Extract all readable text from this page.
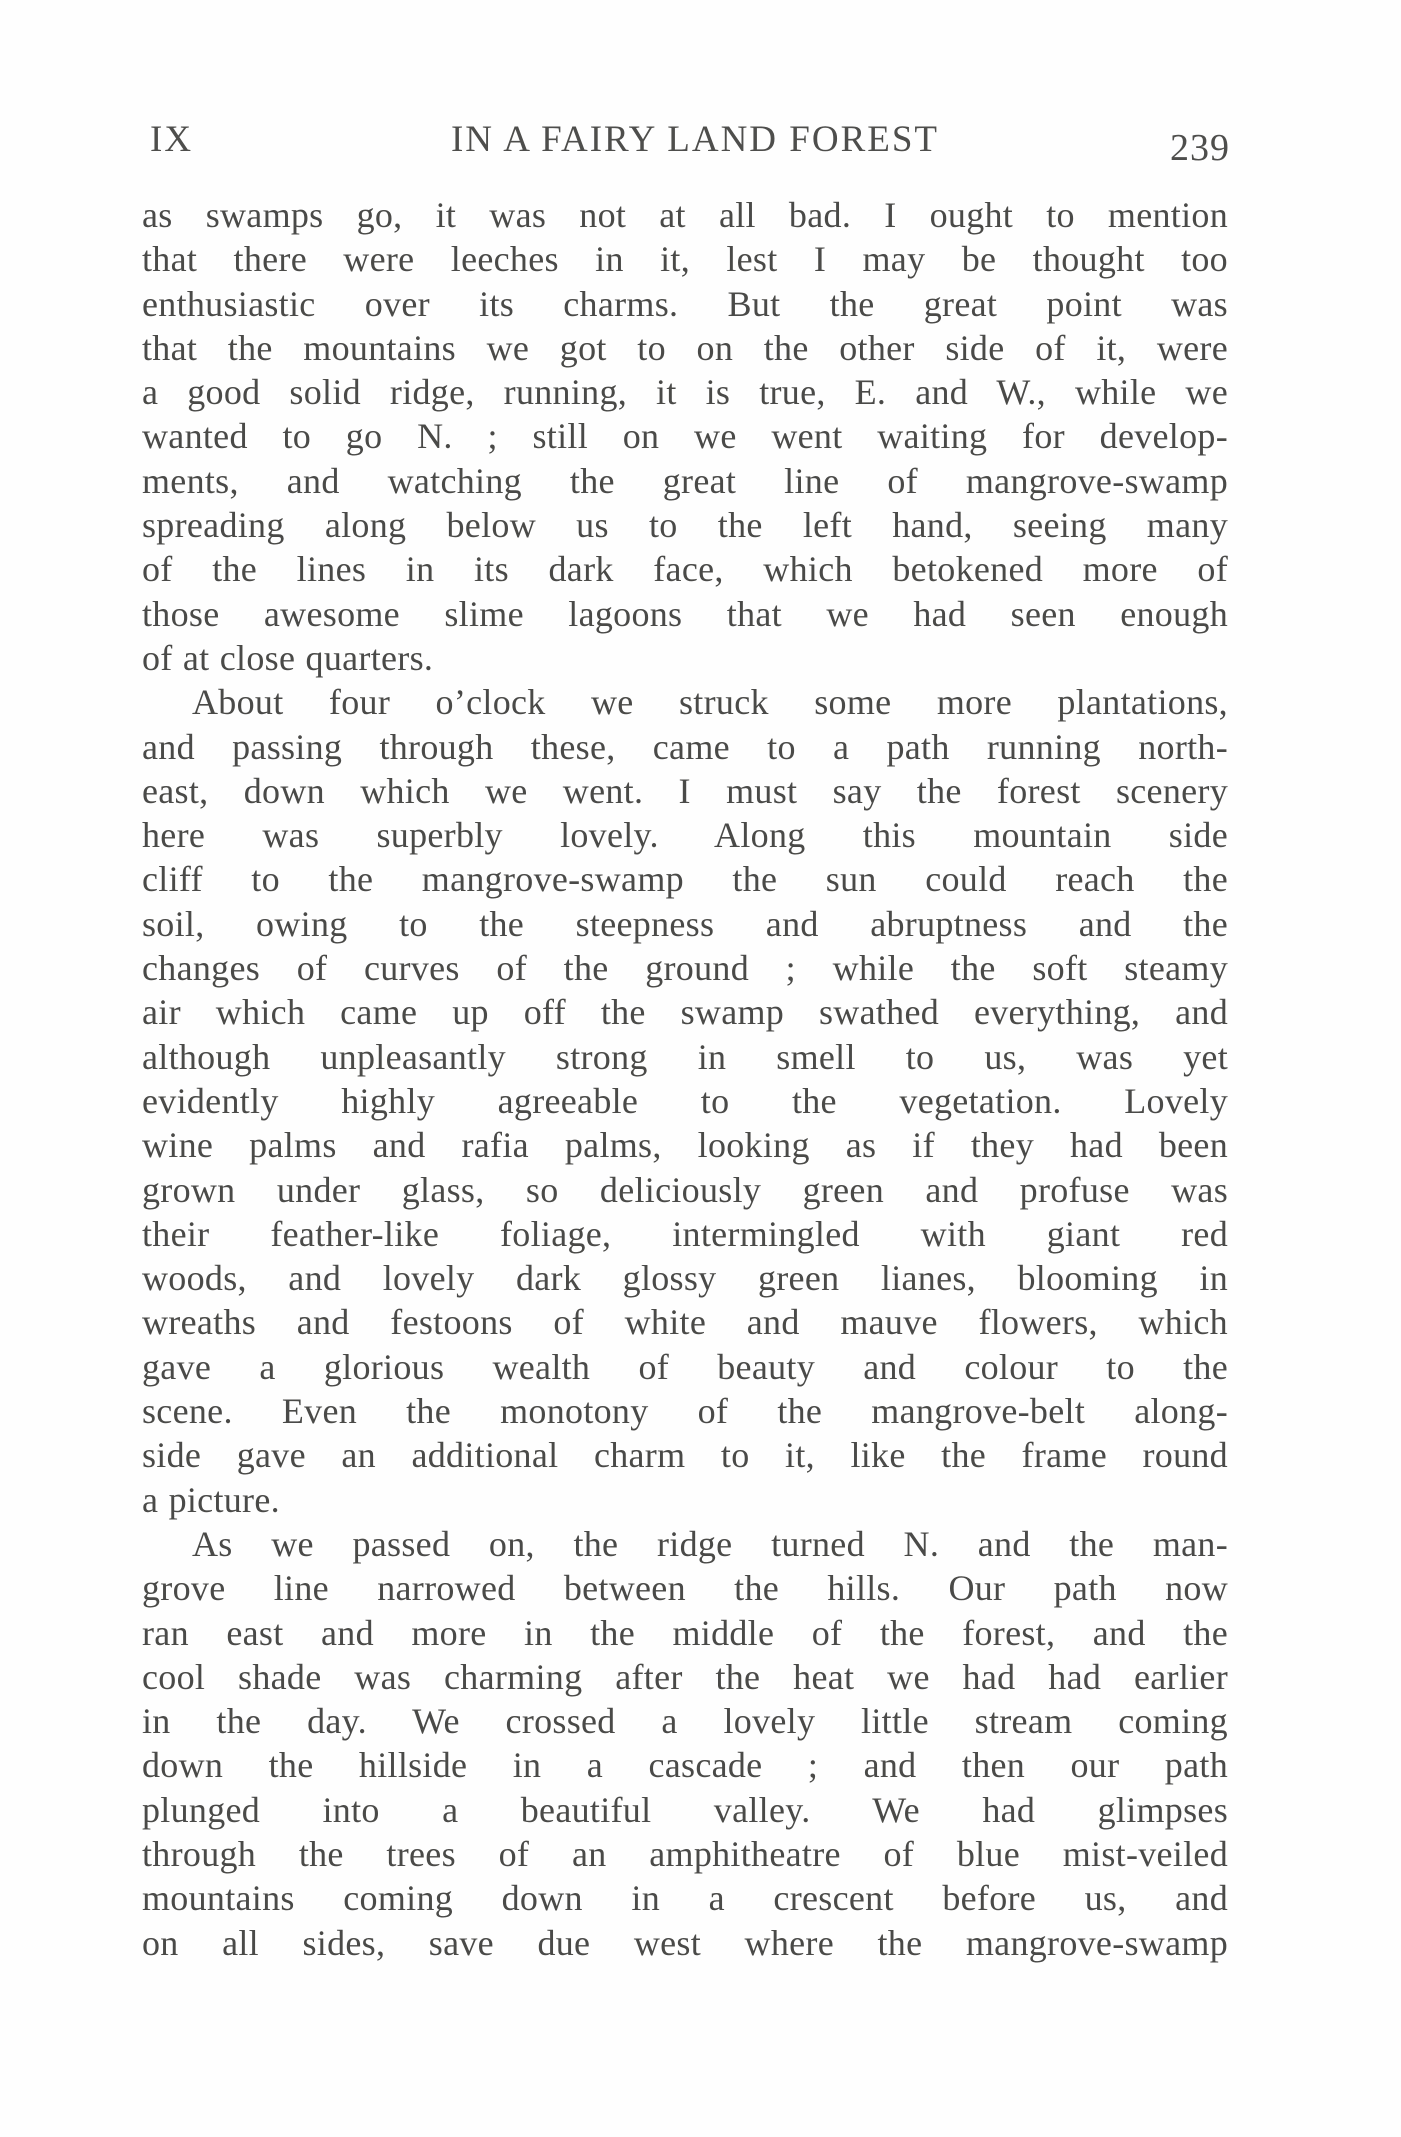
IX	IN A FAIRY LAND FOREST	239
as swamps go, it was not at all bad. I ought to mention
that there were leeches in it, lest I may be thought too
enthusiastic over its charms. But the great point was
that the mountains we got to on the other side of it, were
a good solid ridge, running, it is true, E. and W., while we
wanted to go N. ; still on we went waiting for develop-
ments, and watching the great line of mangrove-swamp
spreading along below us to the left hand, seeing many
of the lines in its dark face, which betokened more of
those awesome slime lagoons that we had seen enough
of at close quarters.
About four o’clock we struck some more plantations,
and passing through these, came to a path running north-
east, down which we went. I must say the forest scenery
here was superbly lovely. Along this mountain side
cliff to the mangrove-swamp the sun could reach the
soil, owing to the steepness and abruptness and the
changes of curves of the ground ; while the soft steamy
air which came up off the swamp swathed everything, and
although unpleasantly strong in smell to us, was yet
evidently highly agreeable to the vegetation. Lovely
wine palms and rafia palms, looking as if they had been
grown under glass, so deliciously green and profuse was
their feather-like foliage, intermingled with giant red
woods, and lovely dark glossy green lianes, blooming in
wreaths and festoons of white and mauve flowers, which
gave a glorious wealth of beauty and colour to the
scene. Even the monotony of the mangrove-belt along-
side gave an additional charm to it, like the frame round
a picture.
As we passed on, the ridge turned N. and the man-
grove line narrowed between the hills. Our path now
ran east and more in the middle of the forest, and the
cool shade was charming after the heat we had had earlier
in the day. We crossed a lovely little stream coming
down the hillside in a cascade ; and then our path
plunged into a beautiful valley. We had glimpses
through the trees of an amphitheatre of blue mist-veiled
mountains coming down in a crescent before us, and
on all sides, save due west where the mangrove-swamp
